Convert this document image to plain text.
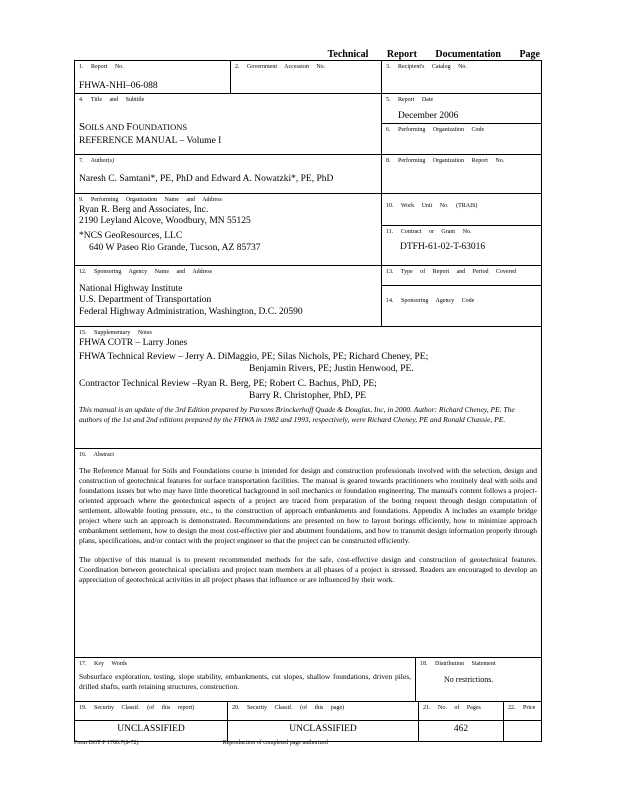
Technical Report Documentation Page
1. Report No.
FHWA-NHI–06-088
2. Government Accession No.	3. Recipient's Catalog No.
4. Title and Subtitle
SOILS AND FOUNDATIONS
REFERENCE MANUAL – Volume I
5. Report Date
December 2006
6. Performing Organization Code
7. Author(s)
Naresh C. Samtani*, PE, PhD and Edward A. Nowatzki*, PE, PhD
8. Performing Organization Report No.
9. Performing Organization Name and Address
Ryan R. Berg and Associates, Inc.
2190 Leyland Alcove, Woodbury, MN 55125
*NCS GeoResources, LLC
640 W Paseo Rio Grande, Tucson, AZ 85737
10. Work Unit No. (TRAIS)
11. Contract or Grant No.
DTFH-61-02-T-63016
12. Sponsoring Agency Name and Address
National Highway Institute
U.S. Department of Transportation
Federal Highway Administration, Washington, D.C. 20590
13. Type of Report and Period Covered
14. Sponsoring Agency Code
15. Supplementary Notes
FHWA COTR – Larry Jones
FHWA Technical Review – Jerry A. DiMaggio, PE; Silas Nichols, PE; Richard Cheney, PE;
Benjamin Rivers, PE; Justin Henwood, PE.
Contractor Technical Review –Ryan R. Berg, PE; Robert C. Bachus, PhD, PE;
Barry R. Christopher, PhD, PE
This manual is an update of the 3rd Edition prepared by Parsons Brinckerhoff Quade & Douglas, Inc, in 2000. Author: Richard Cheney, PE. The authors of the 1st and 2nd editions prepared by the FHWA in 1982 and 1993, respectively, were Richard Cheney, PE and Ronald Chassie, PE.
16. Abstract
The Reference Manual for Soils and Foundations course is intended for design and construction professionals involved with the selection, design and construction of geotechnical features for surface transportation facilities. The manual is geared towards practitioners who routinely deal with soils and foundations issues but who may have little theoretical background in soil mechanics or foundation engineering. The manual's content follows a project-oriented approach where the geotechnical aspects of a project are traced from preparation of the boring request through design computation of settlement, allowable footing pressure, etc., to the construction of approach embankments and foundations. Appendix A includes an example bridge project where such an approach is demonstrated. Recommendations are presented on how to layout borings efficiently, how to minimize approach embankment settlement, how to design the most cost-effective pier and abutment foundations, and how to transmit design information properly through plans, specifications, and/or contact with the project engineer so that the project can be constructed efficiently.
The objective of this manual is to present recommended methods for the safe, cost-effective design and construction of geotechnical features. Coordination between geotechnical specialists and project team members at all phases of a project is stressed. Readers are encouraged to develop an appreciation of geotechnical activities in all project phases that influence or are influenced by their work.
17. Key Words
Subsurface exploration, testing, slope stability, embankments, cut slopes, shallow foundations, driven piles, drilled shafts, earth retaining structures, construction.
18. Distribution Statement
No restrictions.
19. Security Classif. (of this report)	20. Security Classif. (of this page)	21. No. of Pages	22. Price
UNCLASSIFIED	UNCLASSIFIED	462
Form DOT F 1700.7(8-72)	Reproduction of completed page authorized
